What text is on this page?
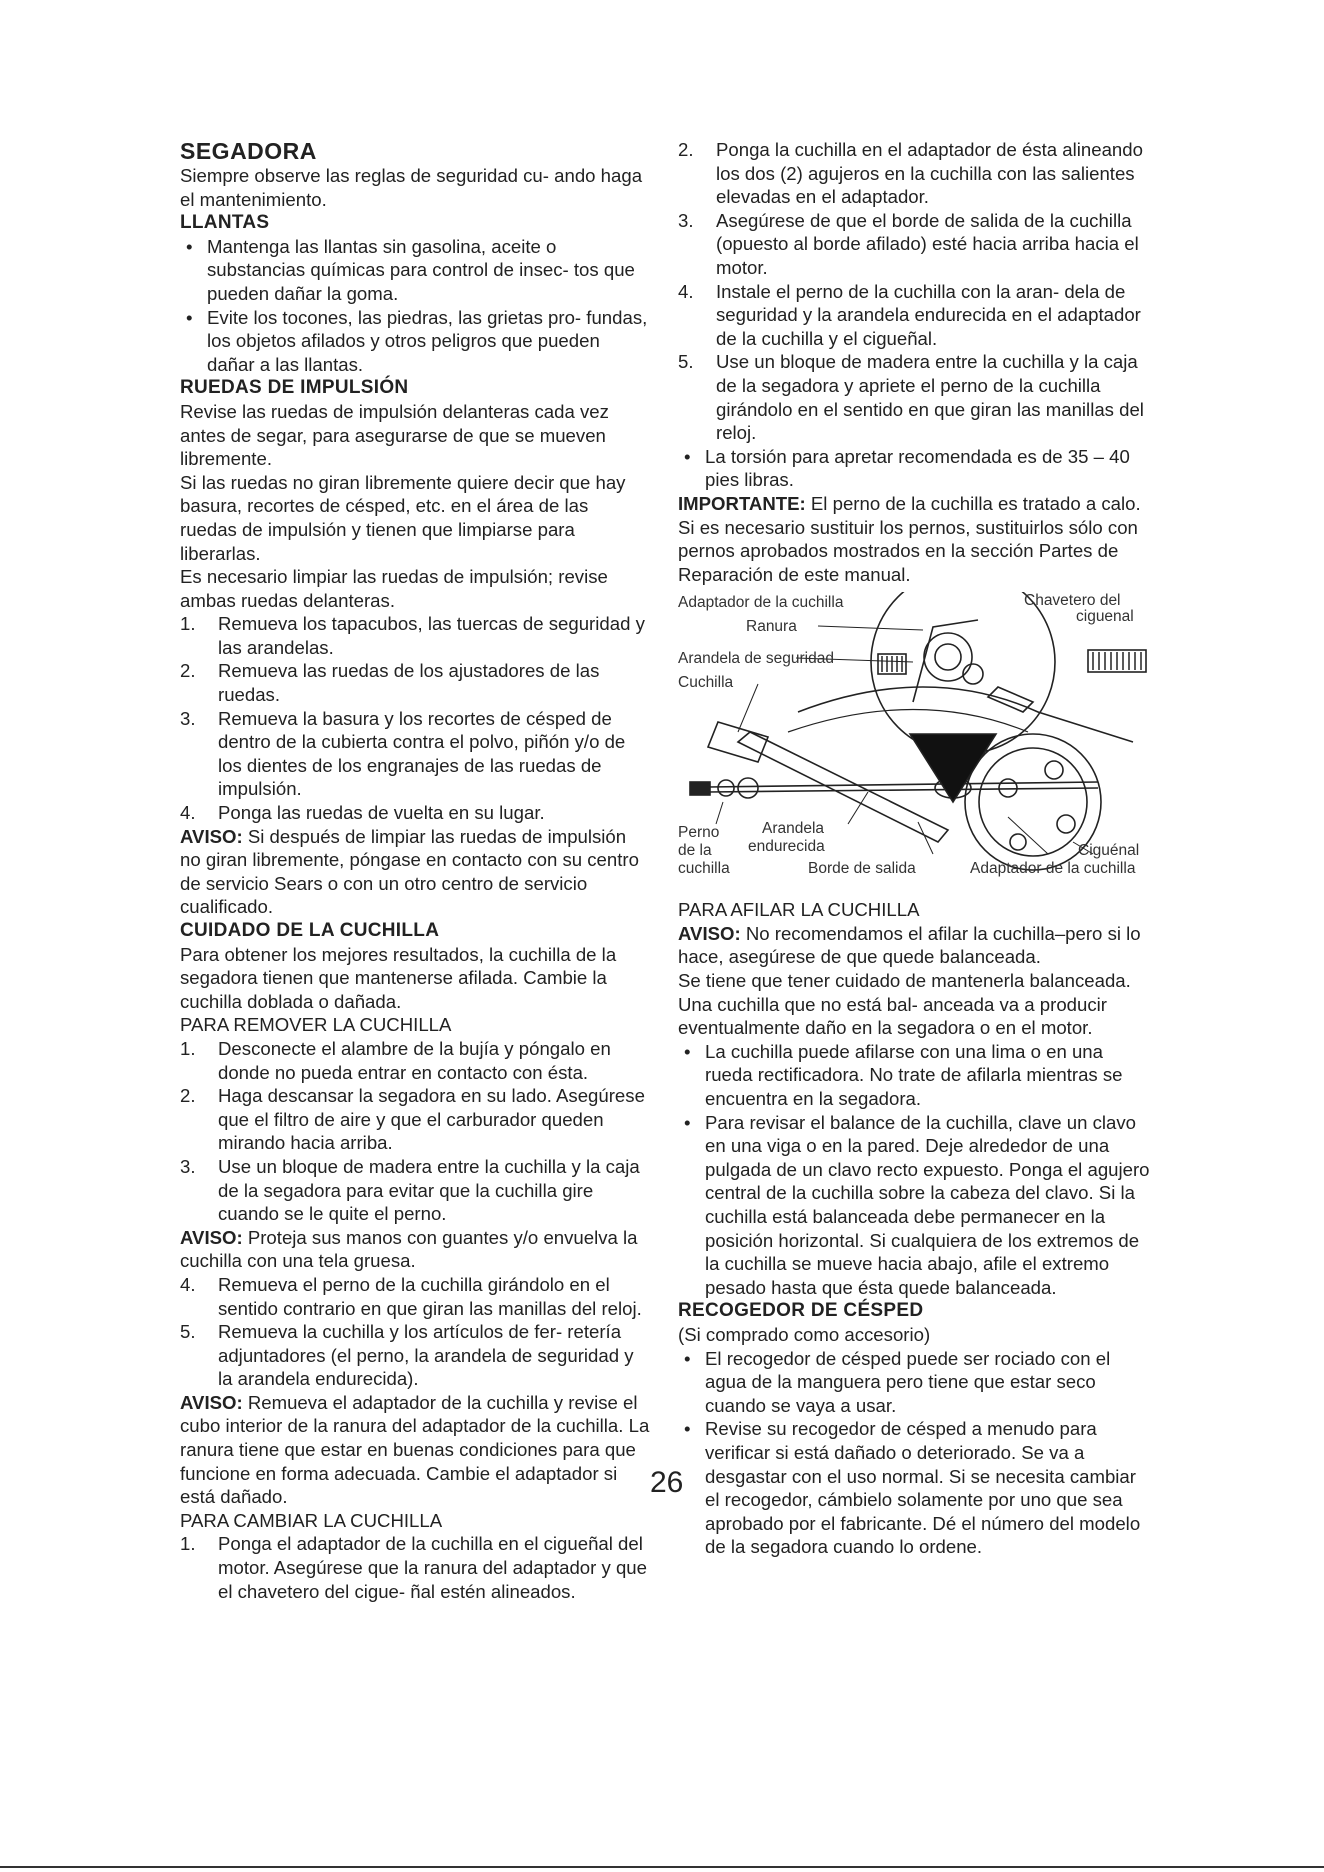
SEGADORA

Siempre observe las reglas de seguridad cu- ando haga el mantenimiento.

LLANTAS

• Mantenga las llantas sin gasolina, aceite o substancias químicas para control de insec- tos que pueden dañar la goma.

• Evite los tocones, las piedras, las grietas pro- fundas, los objetos afilados y otros peligros que pueden dañar a las llantas.

RUEDAS DE IMPULSIÓN

Revise las ruedas de impulsión delanteras cada vez antes de segar, para asegurarse de que se mueven libremente.

Si las ruedas no giran libremente quiere decir que hay basura, recortes de césped, etc. en el área de las ruedas de impulsión y tienen que limpiarse para liberarlas.

Es necesario limpiar las ruedas de impulsión; revise ambas ruedas delanteras.

1.	Remueva los tapacubos, las tuercas de seguridad y las arandelas.

2.	Remueva las ruedas de los ajustadores de las ruedas.

3.	Remueva la basura y los recortes de césped de dentro de la cubierta contra el polvo, piñón y/o de los dientes de los engranajes de las ruedas de impulsión.

4.	Ponga las ruedas de vuelta en su lugar.

AVISO: Si después de limpiar las ruedas de impulsión no giran libremente, póngase en contacto con su centro de servicio Sears o con un otro centro de servicio cualificado.

CUIDADO DE LA CUCHILLA

Para obtener los mejores resultados, la cuchilla de la segadora tienen que mantenerse afilada. Cambie la cuchilla doblada o dañada.

PARA REMOVER LA CUCHILLA

1.	Desconecte el alambre de la bujía y póngalo en donde no pueda entrar en contacto con ésta.

2.	Haga descansar la segadora en su lado. Asegúrese que el filtro de aire y que el carburador queden mirando hacia arriba.

3.	Use un bloque de madera entre la cuchilla y la caja de la segadora para evitar que la cuchilla gire cuando se le quite el perno.

AVISO: Proteja sus manos con guantes y/o envuelva la cuchilla con una tela gruesa.

4.	Remueva el perno de la cuchilla girándolo en el sentido contrario en que giran las manillas del reloj.

5.	Remueva la cuchilla y los artículos de fer- retería adjuntadores (el perno, la arandela de seguridad y la arandela endurecida).

AVISO: Remueva el adaptador de la cuchilla y revise el cubo interior de la ranura del adaptador de la cuchilla. La ranura tiene que estar en buenas condiciones para que funcione en forma adecuada. Cambie el adaptador si está dañado.

PARA CAMBIAR LA CUCHILLA

1.	Ponga el adaptador de la cuchilla en el cigueñal del motor. Asegúrese que la ranura del adaptador y que el chavetero del cigue- ñal estén alineados.

2.	Ponga la cuchilla en el adaptador de ésta alineando los dos (2) agujeros en la cuchilla con las salientes elevadas en el adaptador.

3.	Asegúrese de que el borde de salida de la cuchilla (opuesto al borde afilado) esté hacia arriba hacia el motor.

4.	Instale el perno de la cuchilla con la aran- dela de seguridad y la arandela endurecida en el adaptador de la cuchilla y el cigueñal.

5.	Use un bloque de madera entre la cuchilla y la caja de la segadora y apriete el perno de la cuchilla girándolo en el sentido en que giran las manillas del reloj.

• La torsión para apretar recomendada es de 35 – 40 pies libras.

IMPORTANTE: El perno de la cuchilla es tratado a calo. Si es necesario sustituir los pernos, sustituirlos sólo con pernos aprobados mostrados en la sección Partes de Reparación de este manual.

Adaptador de la cuchilla
Ranura
Arandela de seguridad
Cuchilla
Chavetero del
ciguenal
Perno
de la
cuchilla
Arandela
endurecida
Borde de salida	Adaptador de la cuchilla
Ciguénal
PARA AFILAR LA CUCHILLA

AVISO: No recomendamos el afilar la cuchilla–pero si lo hace, asegúrese de que quede balanceada.

Se tiene que tener cuidado de mantenerla balanceada. Una cuchilla que no está bal- anceada va a producir eventualmente daño en la segadora o en el motor.

• La cuchilla puede afilarse con una lima o en una rueda rectificadora. No trate de afilarla mientras se encuentra en la segadora.

• Para revisar el balance de la cuchilla, clave un clavo en una viga o en la pared. Deje alrededor de una pulgada de un clavo recto expuesto. Ponga el agujero central de la cuchilla sobre la cabeza del clavo. Si la cuchilla está balanceada debe permanecer en la posición horizontal. Si cualquiera de los extremos de la cuchilla se mueve hacia abajo, afile el extremo pesado hasta que ésta quede balanceada.

RECOGEDOR DE CÉSPED
(Si comprado como accesorio)

• El recogedor de césped puede ser rociado con el agua de la manguera pero tiene que estar seco cuando se vaya a usar.

• Revise su recogedor de césped a menudo para verificar si está dañado o deteriorado. Se va a desgastar con el uso normal. Si se necesita cambiar el recogedor, cámbielo solamente por uno que sea aprobado por el fabricante. Dé el número del modelo de la segadora cuando lo ordene.

26
